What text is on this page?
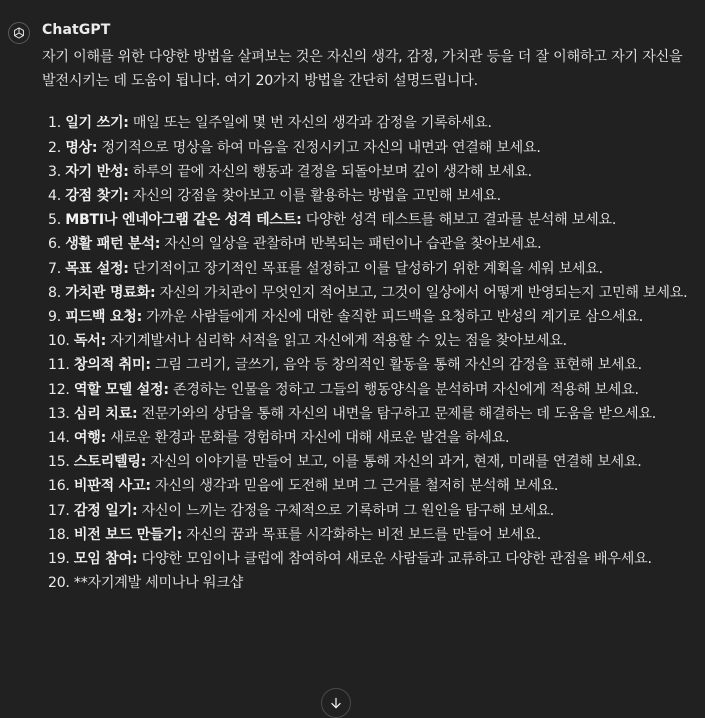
ChatGPT

자기 이해를 위한 다양한 방법을 살펴보는 것은 자신의 생각, 감정, 가치관 등을 더 잘 이해하고 자기 자신을 발전시키는 데 도움이 됩니다. 여기 20가지 방법을 간단히 설명드립니다.

1. 일기 쓰기: 매일 또는 일주일에 몇 번 자신의 생각과 감정을 기록하세요.
2. 명상: 정기적으로 명상을 하여 마음을 진정시키고 자신의 내면과 연결해 보세요.
3. 자기 반성: 하루의 끝에 자신의 행동과 결정을 되돌아보며 깊이 생각해 보세요.
4. 강점 찾기: 자신의 강점을 찾아보고 이를 활용하는 방법을 고민해 보세요.
5. MBTI나 엔네아그램 같은 성격 테스트: 다양한 성격 테스트를 해보고 결과를 분석해 보세요.
6. 생활 패턴 분석: 자신의 일상을 관찰하며 반복되는 패턴이나 습관을 찾아보세요.
7. 목표 설정: 단기적이고 장기적인 목표를 설정하고 이를 달성하기 위한 계획을 세워 보세요.
8. 가치관 명료화: 자신의 가치관이 무엇인지 적어보고, 그것이 일상에서 어떻게 반영되는지 고민해 보세요.
9. 피드백 요청: 가까운 사람들에게 자신에 대한 솔직한 피드백을 요청하고 반성의 계기로 삼으세요.
10. 독서: 자기계발서나 심리학 서적을 읽고 자신에게 적용할 수 있는 점을 찾아보세요.
11. 창의적 취미: 그림 그리기, 글쓰기, 음악 등 창의적인 활동을 통해 자신의 감정을 표현해 보세요.
12. 역할 모델 설정: 존경하는 인물을 정하고 그들의 행동양식을 분석하며 자신에게 적용해 보세요.
13. 심리 치료: 전문가와의 상담을 통해 자신의 내면을 탐구하고 문제를 해결하는 데 도움을 받으세요.
14. 여행: 새로운 환경과 문화를 경험하며 자신에 대해 새로운 발견을 하세요.
15. 스토리텔링: 자신의 이야기를 만들어 보고, 이를 통해 자신의 과거, 현재, 미래를 연결해 보세요.
16. 비판적 사고: 자신의 생각과 믿음에 도전해 보며 그 근거를 철저히 분석해 보세요.
17. 감정 일기: 자신이 느끼는 감정을 구체적으로 기록하며 그 원인을 탐구해 보세요.
18. 비전 보드 만들기: 자신의 꿈과 목표를 시각화하는 비전 보드를 만들어 보세요.
19. 모임 참여: 다양한 모임이나 클럽에 참여하여 새로운 사람들과 교류하고 다양한 관점을 배우세요.
20. **자기계발 세미나나 워크샵
